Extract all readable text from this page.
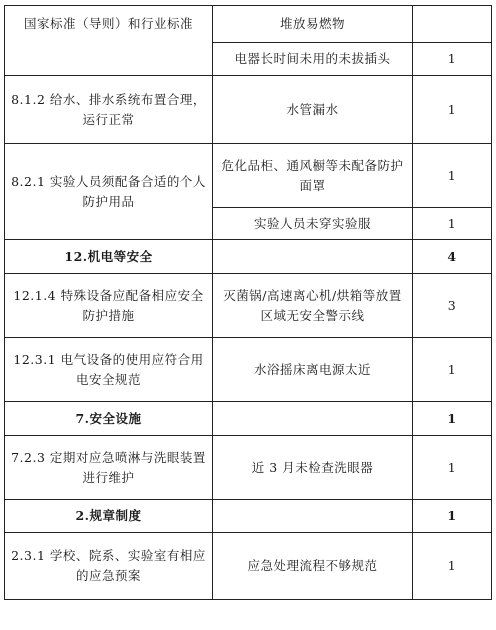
国家标准（导则）和行业标准	堆放易燃物	
	电器长时间未用的未拔插头	1
8.1.2 给水、排水系统布置合理，运行正常	水管漏水	1
8.2.1 实验人员须配备合适的个人防护用品	危化品柜、通风橱等未配备防护面罩	1
	实验人员未穿实验服	1
12.机电等安全		4
12.1.4 特殊设备应配备相应安全防护措施	灭菌锅/高速离心机/烘箱等放置区域无安全警示线	3
12.3.1 电气设备的使用应符合用电安全规范	水浴摇床离电源太近	1
7.安全设施		1
7.2.3 定期对应急喷淋与洗眼装置进行维护	近 3 月未检查洗眼器	1
2.规章制度		1
2.3.1 学校、院系、实验室有相应的应急预案	应急处理流程不够规范	1
